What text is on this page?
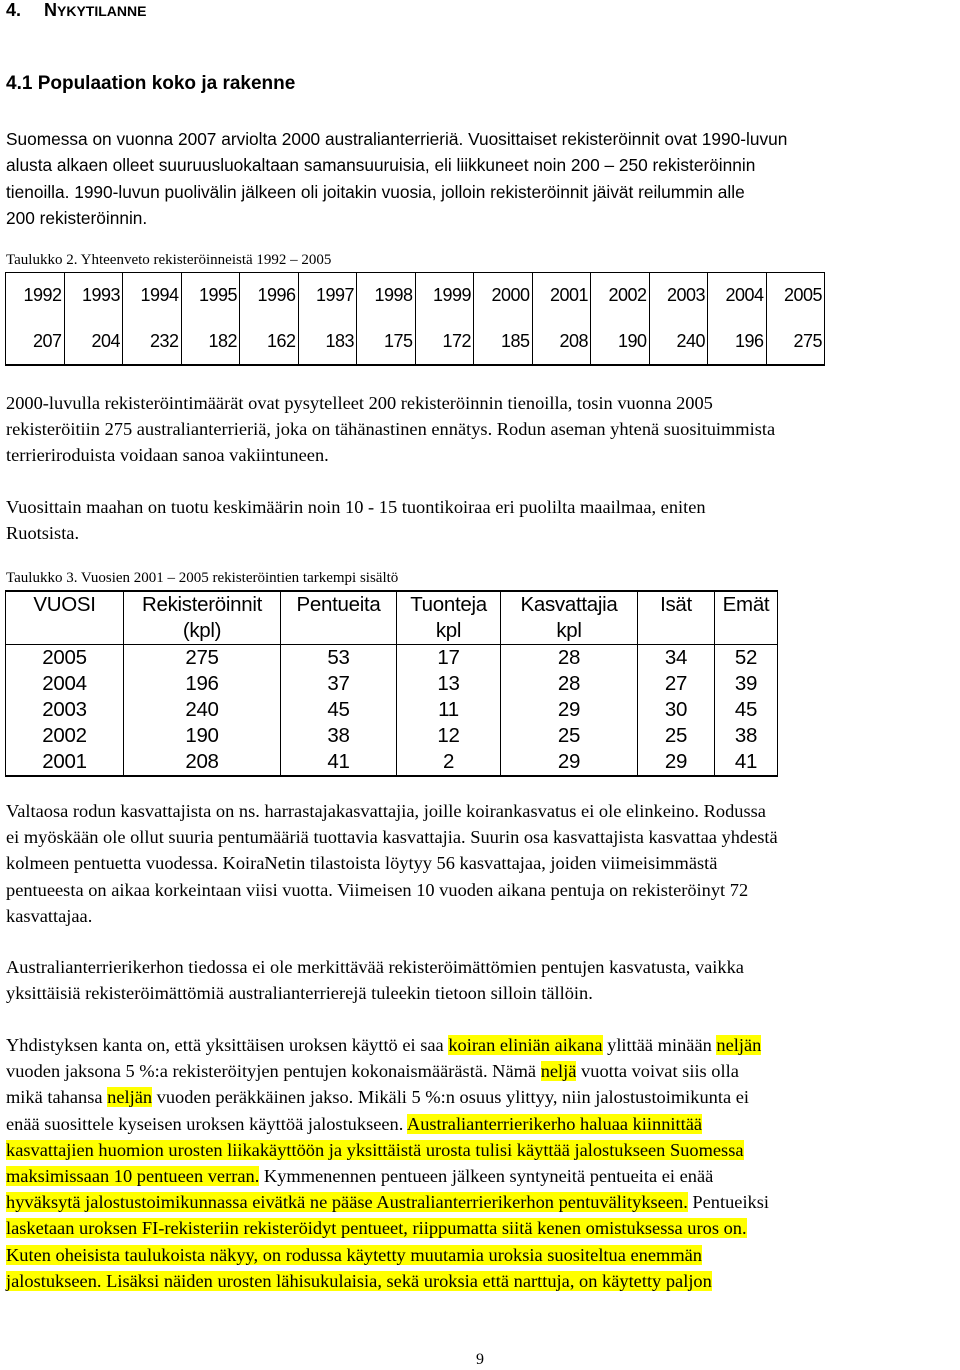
4. NYKYTILANNE
4.1 Populaation koko ja rakenne
Suomessa on vuonna 2007 arviolta 2000 australianterrieriä. Vuosittaiset rekisteröinnit ovat 1990-luvun
alusta alkaen olleet suuruusluokaltaan samansuuruisia, eli liikkuneet noin 200 – 250 rekisteröinnin
tienoilla. 1990-luvun puolivälin jälkeen oli joitakin vuosia, jolloin rekisteröinnit jäivät reilummin alle
200 rekisteröinnin.
Taulukko 2. Yhteenveto rekisteröinneistä 1992 – 2005
1992	1993	1994	1995	1996	1997	1998	1999	2000	2001	2002	2003	2004	2005
207	204	232	182	162	183	175	172	185	208	190	240	196	275
2000-luvulla rekisteröintimäärät ovat pysytelleet 200 rekisteröinnin tienoilla, tosin vuonna 2005
rekisteröitiin 275 australianterrieriä, joka on tähänastinen ennätys. Rodun aseman yhtenä suosituimmista
terrieriroduista voidaan sanoa vakiintuneen.
Vuosittain maahan on tuotu keskimäärin noin 10 - 15 tuontikoiraa eri puolilta maailmaa, eniten
Ruotsista.
Taulukko 3. Vuosien 2001 – 2005 rekisteröintien tarkempi sisältö
VUOSI	Rekisteröinnit	Pentueita	Tuonteja	Kasvattajia	Isät	Emät
	(kpl)		kpl	kpl		
2005	275	53	17	28	34	52
2004	196	37	13	28	27	39
2003	240	45	11	29	30	45
2002	190	38	12	25	25	38
2001	208	41	2	29	29	41
Valtaosa rodun kasvattajista on ns. harrastajakasvattajia, joille koirankasvatus ei ole elinkeino. Rodussa
ei myöskään ole ollut suuria pentumääriä tuottavia kasvattajia. Suurin osa kasvattajista kasvattaa yhdestä
kolmeen pentuetta vuodessa. KoiraNetin tilastoista löytyy 56 kasvattajaa, joiden viimeisimmästä
pentueesta on aikaa korkeintaan viisi vuotta. Viimeisen 10 vuoden aikana pentuja on rekisteröinyt 72
kasvattajaa.
Australianterrierikerhon tiedossa ei ole merkittävää rekisteröimättömien pentujen kasvatusta, vaikka
yksittäisiä rekisteröimättömiä australianterrierejä tuleekin tietoon silloin tällöin.
Yhdistyksen kanta on, että yksittäisen uroksen käyttö ei saa koiran eliniän aikana ylittää minään neljän
vuoden jaksona 5 %:a rekisteröityjen pentujen kokonaismäärästä. Nämä neljä vuotta voivat siis olla
mikä tahansa neljän vuoden peräkkäinen jakso. Mikäli 5 %:n osuus ylittyy, niin jalostustoimikunta ei
enää suosittele kyseisen uroksen käyttöä jalostukseen. Australianterrierikerho haluaa kiinnittää
kasvattajien huomion urosten liikakäyttöön ja yksittäistä urosta tulisi käyttää jalostukseen Suomessa
maksimissaan 10 pentueen verran. Kymmenennen pentueen jälkeen syntyneitä pentueita ei enää
hyväksytä jalostustoimikunnassa eivätkä ne pääse Australianterrierikerhon pentuvälitykseen. Pentueiksi
lasketaan uroksen FI-rekisteriin rekisteröidyt pentueet, riippumatta siitä kenen omistuksessa uros on.
Kuten oheisista taulukoista näkyy, on rodussa käytetty muutamia uroksia suositeltua enemmän
jalostukseen. Lisäksi näiden urosten lähisukulaisia, sekä uroksia että narttuja, on käytetty paljon
9
